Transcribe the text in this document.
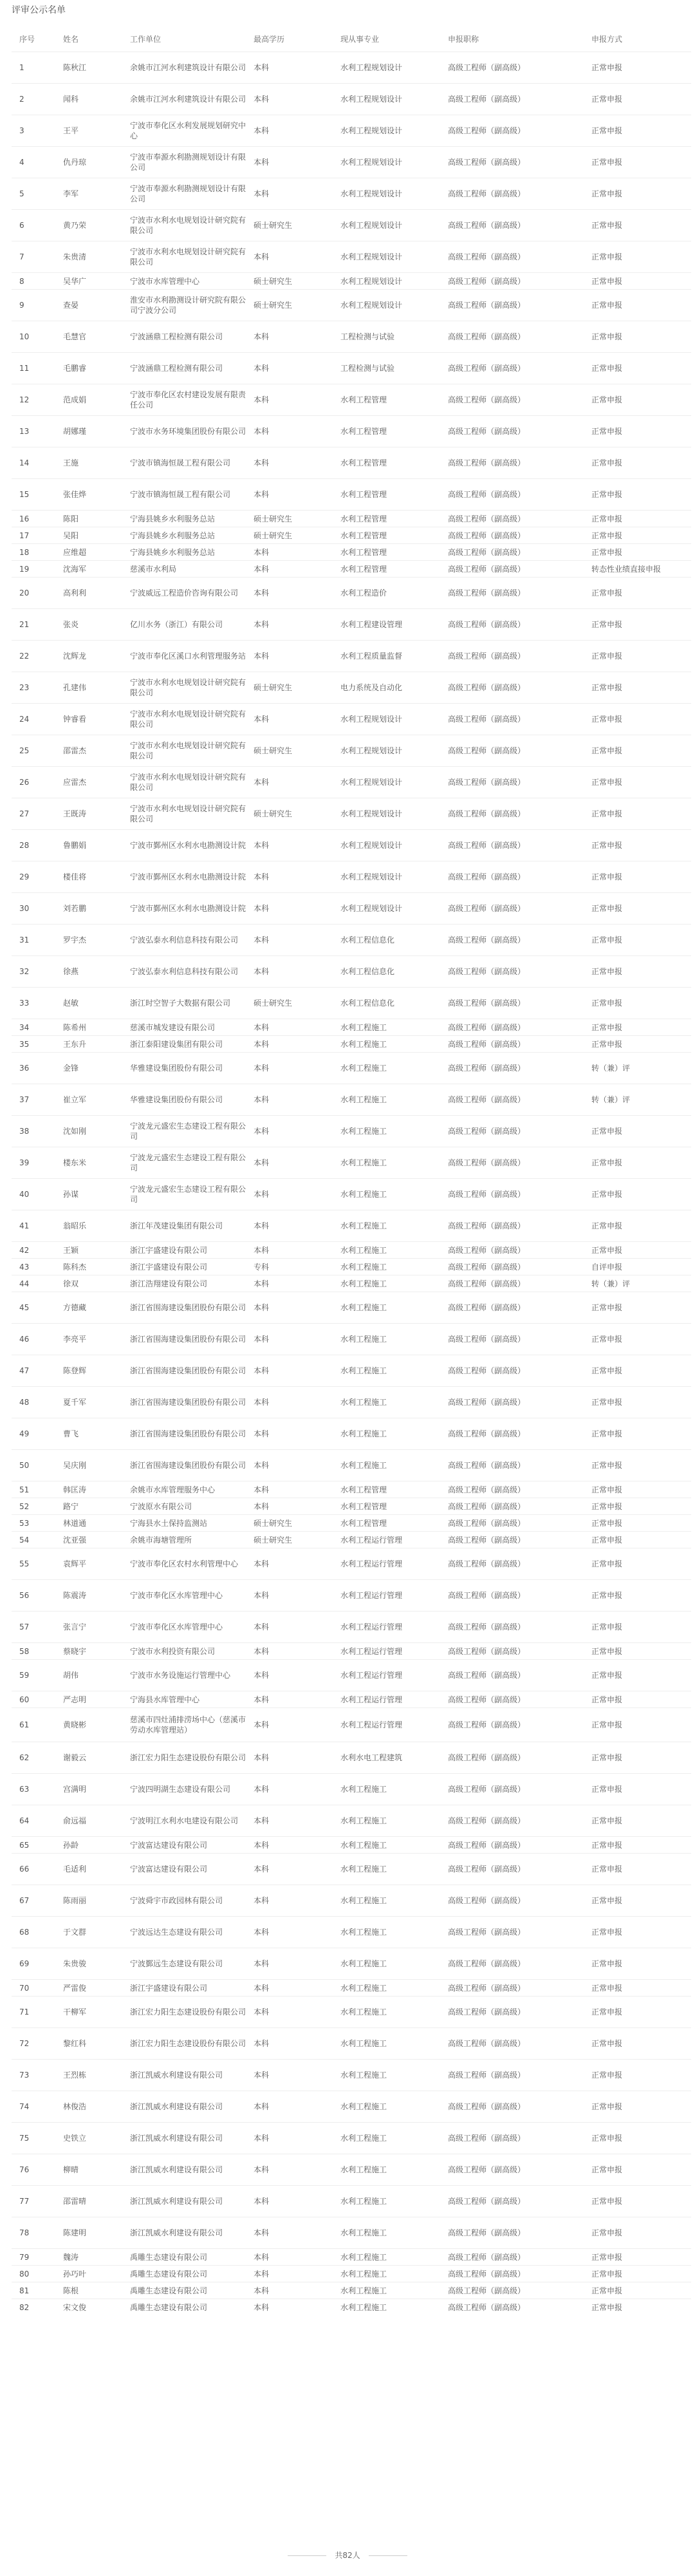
评审公示名单
序号	姓名	工作单位	最高学历	现从事专业	申报职称	申报方式
1	陈秋江	余姚市江河水利建筑设计有限公司	本科	水利工程规划设计	高级工程师（副高级）	正常申报
2	闻科	余姚市江河水利建筑设计有限公司	本科	水利工程规划设计	高级工程师（副高级）	正常申报
3	王平	宁波市奉化区水利发展规划研究中心	本科	水利工程规划设计	高级工程师（副高级）	正常申报
4	仇丹琼	宁波市奉源水利勘测规划设计有限公司	本科	水利工程规划设计	高级工程师（副高级）	正常申报
5	李军	宁波市奉源水利勘测规划设计有限公司	本科	水利工程规划设计	高级工程师（副高级）	正常申报
6	黄乃荣	宁波市水利水电规划设计研究院有限公司	硕士研究生	水利工程规划设计	高级工程师（副高级）	正常申报
7	朱贵清	宁波市水利水电规划设计研究院有限公司	本科	水利工程规划设计	高级工程师（副高级）	正常申报
8	吴华广	宁波市水库管理中心	硕士研究生	水利工程规划设计	高级工程师（副高级）	正常申报
9	查晏	淮安市水利勘测设计研究院有限公司宁波分公司	硕士研究生	水利工程规划设计	高级工程师（副高级）	正常申报
10	毛慧官	宁波涵鼎工程检测有限公司	本科	工程检测与试验	高级工程师（副高级）	正常申报
11	毛鹏睿	宁波涵鼎工程检测有限公司	本科	工程检测与试验	高级工程师（副高级）	正常申报
12	范成娟	宁波市奉化区农村建设发展有限责任公司	本科	水利工程管理	高级工程师（副高级）	正常申报
13	胡娜瑾	宁波市水务环境集团股份有限公司	本科	水利工程管理	高级工程师（副高级）	正常申报
14	王施	宁波市镇海恒晟工程有限公司	本科	水利工程管理	高级工程师（副高级）	正常申报
15	张佳烨	宁波市镇海恒晟工程有限公司	本科	水利工程管理	高级工程师（副高级）	正常申报
16	陈阳	宁海县姚乡水利服务总站	硕士研究生	水利工程管理	高级工程师（副高级）	正常申报
17	吴阳	宁海县姚乡水利服务总站	硕士研究生	水利工程管理	高级工程师（副高级）	正常申报
18	应维超	宁海县姚乡水利服务总站	本科	水利工程管理	高级工程师（副高级）	正常申报
19	沈海军	慈溪市水利局	本科	水利工程管理	高级工程师（副高级）	转态性业绩直接申报
20	高利利	宁波威远工程造价咨询有限公司	本科	水利工程造价	高级工程师（副高级）	正常申报
21	张炎	亿川水务（浙江）有限公司	本科	水利工程建设管理	高级工程师（副高级）	正常申报
22	沈辉龙	宁波市奉化区溪口水利管理服务站	本科	水利工程质量监督	高级工程师（副高级）	正常申报
23	孔建伟	宁波市水利水电规划设计研究院有限公司	硕士研究生	电力系统及自动化	高级工程师（副高级）	正常申报
24	钟睿看	宁波市水利水电规划设计研究院有限公司	本科	水利工程规划设计	高级工程师（副高级）	正常申报
25	邵雷杰	宁波市水利水电规划设计研究院有限公司	硕士研究生	水利工程规划设计	高级工程师（副高级）	正常申报
26	应雷杰	宁波市水利水电规划设计研究院有限公司	本科	水利工程规划设计	高级工程师（副高级）	正常申报
27	王既涛	宁波市水利水电规划设计研究院有限公司	硕士研究生	水利工程规划设计	高级工程师（副高级）	正常申报
28	鲁鹏娟	宁波市鄞州区水利水电勘测设计院	本科	水利工程规划设计	高级工程师（副高级）	正常申报
29	楼佳将	宁波市鄞州区水利水电勘测设计院	本科	水利工程规划设计	高级工程师（副高级）	正常申报
30	刘若鹏	宁波市鄞州区水利水电勘测设计院	本科	水利工程规划设计	高级工程师（副高级）	正常申报
31	罗宇杰	宁波弘泰水利信息科技有限公司	本科	水利工程信息化	高级工程师（副高级）	正常申报
32	徐燕	宁波弘泰水利信息科技有限公司	本科	水利工程信息化	高级工程师（副高级）	正常申报
33	赵敏	浙江时空智子大数据有限公司	硕士研究生	水利工程信息化	高级工程师（副高级）	正常申报
34	陈希州	慈溪市城发建设有限公司	本科	水利工程施工	高级工程师（副高级）	正常申报
35	王东升	浙江泰阳建设集团有限公司	本科	水利工程施工	高级工程师（副高级）	正常申报
36	金锋	华雅建设集团股份有限公司	本科	水利工程施工	高级工程师（副高级）	转（兼）评
37	崔立军	华雅建设集团股份有限公司	本科	水利工程施工	高级工程师（副高级）	转（兼）评
38	沈如刚	宁波龙元盛宏生态建设工程有限公司	本科	水利工程施工	高级工程师（副高级）	正常申报
39	楼东米	宁波龙元盛宏生态建设工程有限公司	本科	水利工程施工	高级工程师（副高级）	正常申报
40	孙谋	宁波龙元盛宏生态建设工程有限公司	本科	水利工程施工	高级工程师（副高级）	正常申报
41	翁昭乐	浙江年茂建设集团有限公司	本科	水利工程施工	高级工程师（副高级）	正常申报
42	王颖	浙江宇盛建设有限公司	本科	水利工程施工	高级工程师（副高级）	正常申报
43	陈科杰	浙江宇盛建设有限公司	专科	水利工程施工	高级工程师（副高级）	自评申报
44	徐双	浙江浩翔建设有限公司	本科	水利工程施工	高级工程师（副高级）	转（兼）评
45	方德藏	浙江省围海建设集团股份有限公司	本科	水利工程施工	高级工程师（副高级）	正常申报
46	李亮平	浙江省围海建设集团股份有限公司	本科	水利工程施工	高级工程师（副高级）	正常申报
47	陈登辉	浙江省围海建设集团股份有限公司	本科	水利工程施工	高级工程师（副高级）	正常申报
48	夏千军	浙江省围海建设集团股份有限公司	本科	水利工程施工	高级工程师（副高级）	正常申报
49	曹飞	浙江省围海建设集团股份有限公司	本科	水利工程施工	高级工程师（副高级）	正常申报
50	吴庆刚	浙江省围海建设集团股份有限公司	本科	水利工程施工	高级工程师（副高级）	正常申报
51	韩匡涛	余姚市水库管理服务中心	本科	水利工程管理	高级工程师（副高级）	正常申报
52	路宁	宁波原水有限公司	本科	水利工程管理	高级工程师（副高级）	正常申报
53	林道通	宁海县水土保持监测站	硕士研究生	水利工程管理	高级工程师（副高级）	正常申报
54	沈亚强	余姚市海塘管理所	硕士研究生	水利工程运行管理	高级工程师（副高级）	正常申报
55	袁辉平	宁波市奉化区农村水利管理中心	本科	水利工程运行管理	高级工程师（副高级）	正常申报
56	陈震涛	宁波市奉化区水库管理中心	本科	水利工程运行管理	高级工程师（副高级）	正常申报
57	张言宁	宁波市奉化区水库管理中心	本科	水利工程运行管理	高级工程师（副高级）	正常申报
58	蔡晓宇	宁波市水利投资有限公司	本科	水利工程运行管理	高级工程师（副高级）	正常申报
59	胡伟	宁波市水务设施运行管理中心	本科	水利工程运行管理	高级工程师（副高级）	正常申报
60	严志明	宁海县水库管理中心	本科	水利工程运行管理	高级工程师（副高级）	正常申报
61	黄晓彬	慈溪市四灶浦排涝场中心（慈溪市劳动水库管理站）	本科	水利工程运行管理	高级工程师（副高级）	正常申报
62	谢毅云	浙江宏力阳生态建设股份有限公司	本科	水利水电工程建筑	高级工程师（副高级）	正常申报
63	宫满明	宁波四明湖生态建设有限公司	本科	水利工程施工	高级工程师（副高级）	正常申报
64	俞远福	宁波明江水利水电建设有限公司	本科	水利工程施工	高级工程师（副高级）	正常申报
65	孙龄	宁波富达建设有限公司	本科	水利工程施工	高级工程师（副高级）	正常申报
66	毛适利	宁波富达建设有限公司	本科	水利工程施工	高级工程师（副高级）	正常申报
67	陈雨丽	宁波舜宇市政园林有限公司	本科	水利工程施工	高级工程师（副高级）	正常申报
68	于文群	宁波远达生态建设有限公司	本科	水利工程施工	高级工程师（副高级）	正常申报
69	朱贵骏	宁波鄞远生态建设有限公司	本科	水利工程施工	高级工程师（副高级）	正常申报
70	严雷俊	浙江宇盛建设有限公司	本科	水利工程施工	高级工程师（副高级）	正常申报
71	干柳军	浙江宏力阳生态建设股份有限公司	本科	水利工程施工	高级工程师（副高级）	正常申报
72	黎红科	浙江宏力阳生态建设股份有限公司	本科	水利工程施工	高级工程师（副高级）	正常申报
73	王烈栋	浙江凯威水利建设有限公司	本科	水利工程施工	高级工程师（副高级）	正常申报
74	林俊浩	浙江凯威水利建设有限公司	本科	水利工程施工	高级工程师（副高级）	正常申报
75	史铁立	浙江凯威水利建设有限公司	本科	水利工程施工	高级工程师（副高级）	正常申报
76	柳晴	浙江凯威水利建设有限公司	本科	水利工程施工	高级工程师（副高级）	正常申报
77	邵雷晴	浙江凯威水利建设有限公司	本科	水利工程施工	高级工程师（副高级）	正常申报
78	陈建明	浙江凯威水利建设有限公司	本科	水利工程施工	高级工程师（副高级）	正常申报
79	魏涛	禹雕生态建设有限公司	本科	水利工程施工	高级工程师（副高级）	正常申报
80	孙巧叶	禹雕生态建设有限公司	本科	水利工程施工	高级工程师（副高级）	正常申报
81	陈根	禹雕生态建设有限公司	本科	水利工程施工	高级工程师（副高级）	正常申报
82	宋文俊	禹雕生态建设有限公司	本科	水利工程施工	高级工程师（副高级）	正常申报
共82人
